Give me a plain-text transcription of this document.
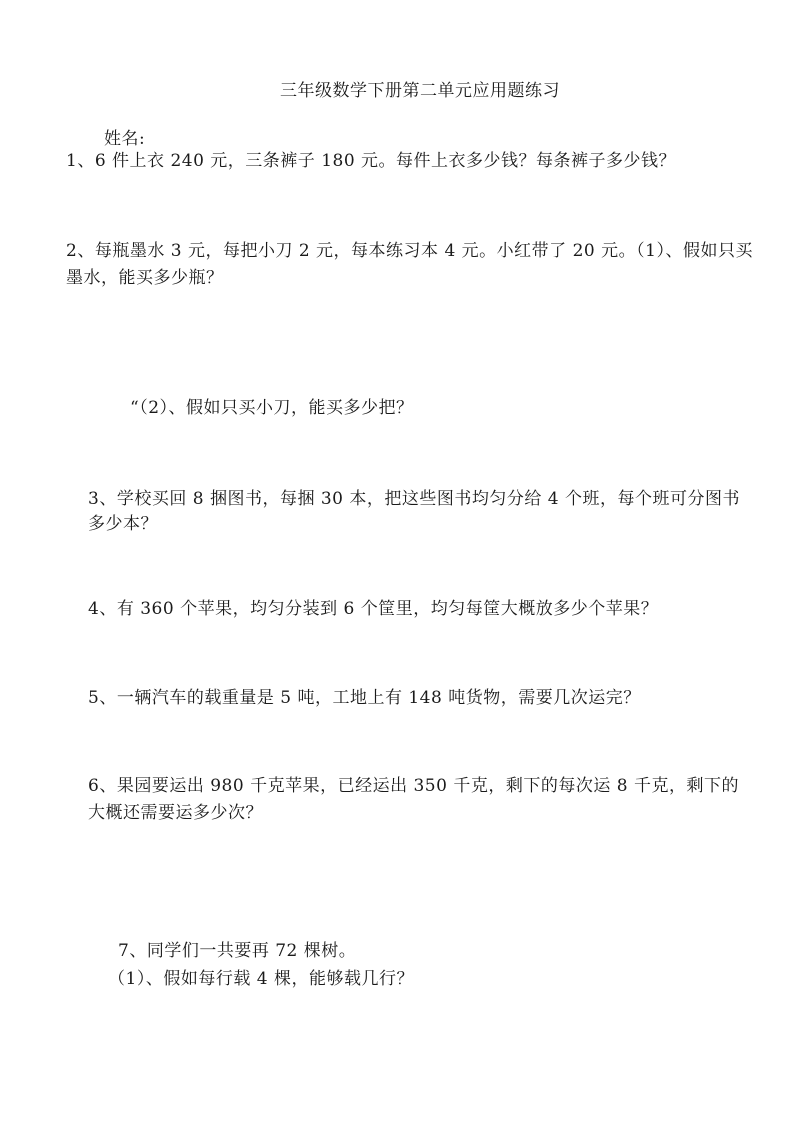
三年级数学下册第二单元应用题练习
姓名:
1、6 件上衣 240 元，三条裤子 180 元。每件上衣多少钱？每条裤子多少钱？
2、每瓶墨水 3 元，每把小刀 2 元，每本练习本 4 元。小红带了 20 元。（1）、假如只买
墨水，能买多少瓶？
“（2）、假如只买小刀，能买多少把？
3、学校买回 8 捆图书，每捆 30 本，把这些图书均匀分给 4 个班，每个班可分图书
多少本？
4、有 360 个苹果，均匀分装到 6 个筐里，均匀每筐大概放多少个苹果？
5、一辆汽车的载重量是 5 吨，工地上有 148 吨货物，需要几次运完？
6、果园要运出 980 千克苹果，已经运出 350 千克，剩下的每次运 8 千克，剩下的
大概还需要运多少次？
7、同学们一共要再 72 棵树。
（1）、假如每行载 4 棵，能够载几行？
